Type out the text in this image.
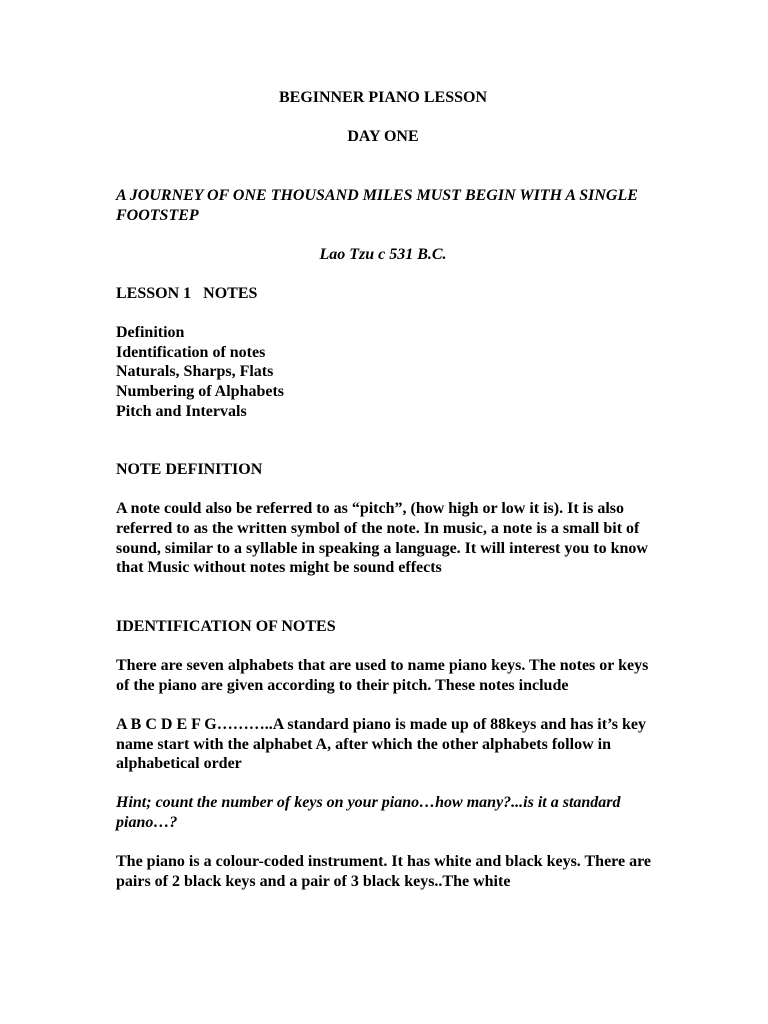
BEGINNER PIANO LESSON

DAY ONE

A JOURNEY OF ONE THOUSAND MILES MUST BEGIN WITH A SINGLE FOOTSTEP

Lao Tzu c 531 B.C.

LESSON 1   NOTES

Definition
Identification of notes
Naturals, Sharps, Flats
Numbering of Alphabets
Pitch and Intervals

NOTE DEFINITION

A note could also be referred to as “pitch”, (how high or low it is). It is also referred to as the written symbol of the note. In music, a note is a small bit of sound, similar to a syllable in speaking a language. It will interest you to know that Music without notes might be sound effects

IDENTIFICATION OF NOTES

There are seven alphabets that are used to name piano keys. The notes or keys of the piano are given according to their pitch. These notes include

A B C D E F G………..A standard piano is made up of 88keys and has it’s key name start with the alphabet A, after which the other alphabets follow in alphabetical order

Hint; count the number of keys on your piano…how many?...is it a standard piano…?

The piano is a colour-coded instrument. It has white and black keys. There are pairs of 2 black keys and a pair of 3 black keys..The white
